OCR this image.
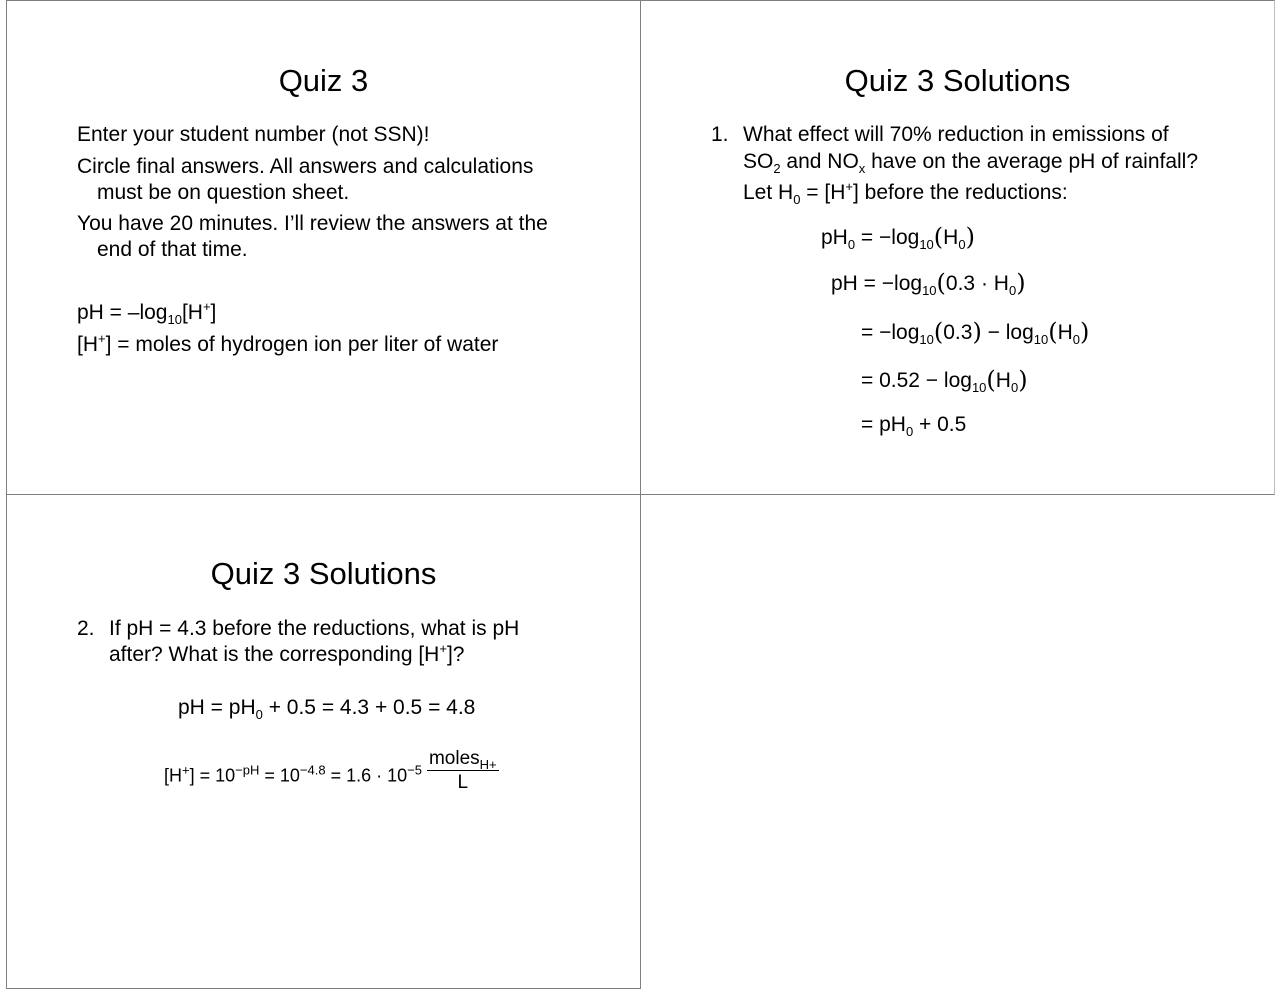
Quiz 3
Enter your student number (not SSN)!
Circle final answers. All answers and calculations
must be on question sheet.
You have 20 minutes. I’ll review the answers at the
end of that time.
pH = $-\log_{10}[H^+]$
[H+] = moles of hydrogen ion per liter of water
Quiz 3 Solutions
1. What effect will 70% reduction in emissions of
$SO_2$ and $NO_x$ have on the average pH of rainfall?
Let $H_0 = [H^+]$ before the reductions:
$pH_0 = -\log_{10}(H_0)$
pH = $-\log_{10}(0.3 \cdot H_0)$
= $-\log_{10}(0.3) - \log_{10}(H_0)$
= $0.52 - \log_{10}(H_0)$
= $pH_0 + 0.5$
Quiz 3 Solutions
2. If pH = 4.3 before the reductions, what is pH
after? What is the corresponding [H+]?
pH = $pH_0 + 0.5 = 4.3 + 0.5 = 4.8$
$[H^+] = 10^{-pH} = 10^{-4.8} = 1.6 \cdot 10^{-5} \frac{moles_{H+}}{L}$
